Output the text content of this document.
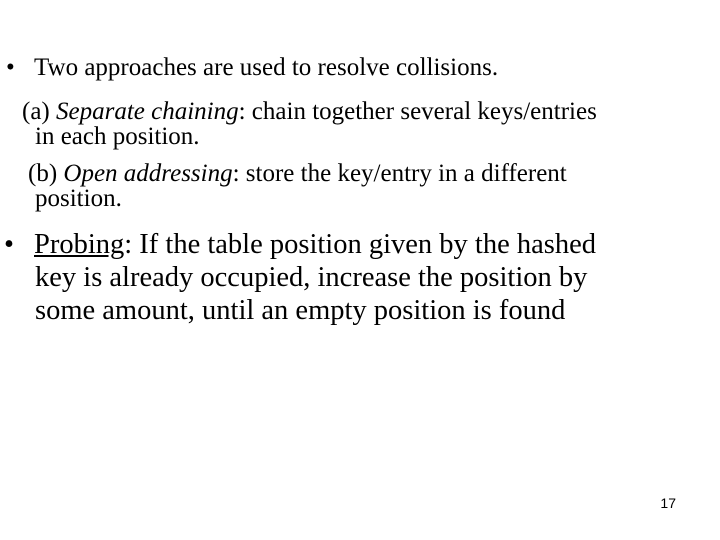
• Two approaches are used to resolve collisions.
(a) Separate chaining: chain together several keys/entries
in each position.
(b) Open addressing: store the key/entry in a different
position.
• Probing: If the table position given by the hashed
key is already occupied, increase the position by
some amount, until an empty position is found
17
